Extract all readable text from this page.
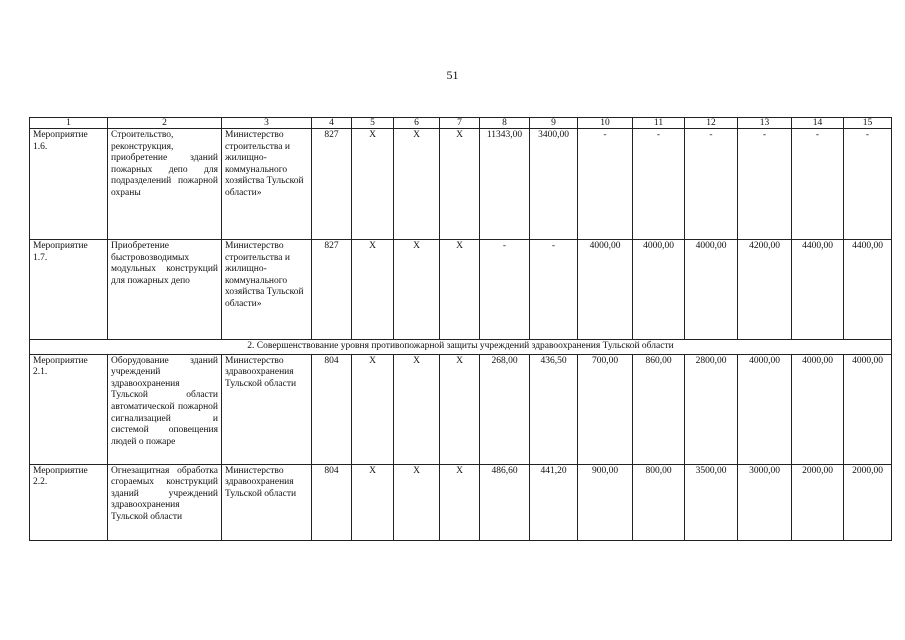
51
1	2	3	4	5	6	7	8	9	10	11	12	13	14	15
Мероприятие 1.6.	Строительство, реконструкция, приобретение зданий пожарных депо для подразделений пожарной охраны	Министерство строительства и жилищно-коммунального хозяйства Тульской области»	827	Х	Х	Х	11343,00	3400,00	-	-	-	-	-	-
Мероприятие 1.7.	Приобретение быстровозводимых модульных конструкций для пожарных депо	Министерство строительства и жилищно-коммунального хозяйства Тульской области»	827	Х	Х	Х	-	-	4000,00	4000,00	4000,00	4200,00	4400,00	4400,00
2. Совершенствование уровня противопожарной защиты учреждений здравоохранения Тульской области														
Мероприятие 2.1.	Оборудование зданий учреждений здравоохранения Тульской области автоматической пожарной сигнализацией и системой оповещения людей о пожаре	Министерство здравоохранения Тульской области	804	Х	Х	Х	268,00	436,50	700,00	860,00	2800,00	4000,00	4000,00	4000,00
Мероприятие 2.2.	Огнезащитная обработка сгораемых конструкций зданий учреждений здравоохранения Тульской области	Министерство здравоохранения Тульской области	804	Х	Х	Х	486,60	441,20	900,00	800,00	3500,00	3000,00	2000,00	2000,00
